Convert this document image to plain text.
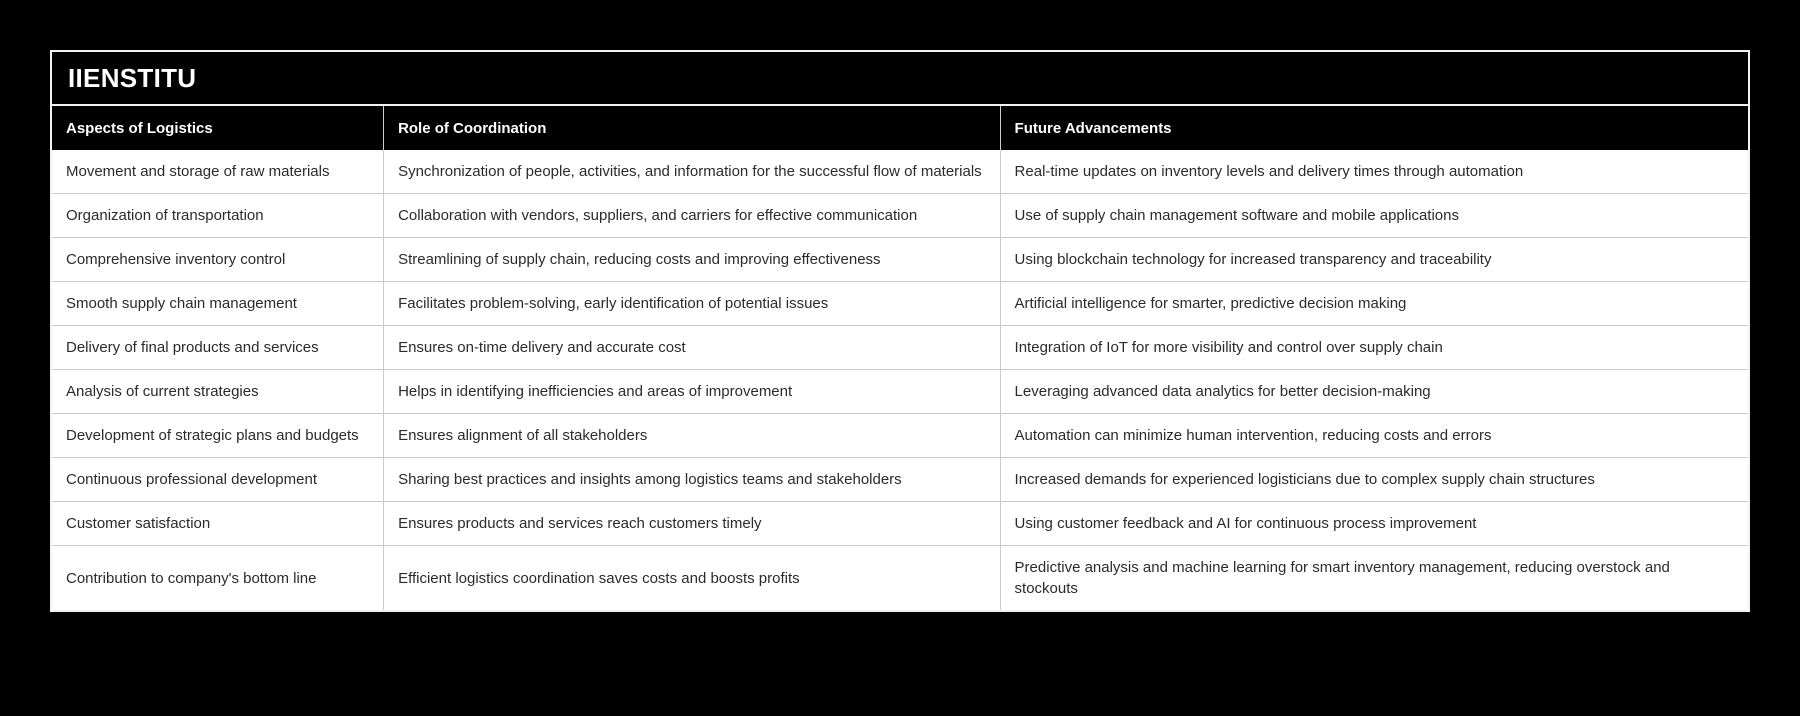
IIENSTITU
Aspects of Logistics	Role of Coordination	Future Advancements
Movement and storage of raw materials	Synchronization of people, activities, and information for the successful flow of materials	Real-time updates on inventory levels and delivery times through automation
Organization of transportation	Collaboration with vendors, suppliers, and carriers for effective communication	Use of supply chain management software and mobile applications
Comprehensive inventory control	Streamlining of supply chain, reducing costs and improving effectiveness	Using blockchain technology for increased transparency and traceability
Smooth supply chain management	Facilitates problem-solving, early identification of potential issues	Artificial intelligence for smarter, predictive decision making
Delivery of final products and services	Ensures on-time delivery and accurate cost	Integration of IoT for more visibility and control over supply chain
Analysis of current strategies	Helps in identifying inefficiencies and areas of improvement	Leveraging advanced data analytics for better decision-making
Development of strategic plans and budgets	Ensures alignment of all stakeholders	Automation can minimize human intervention, reducing costs and errors
Continuous professional development	Sharing best practices and insights among logistics teams and stakeholders	Increased demands for experienced logisticians due to complex supply chain structures
Customer satisfaction	Ensures products and services reach customers timely	Using customer feedback and AI for continuous process improvement
Contribution to company's bottom line	Efficient logistics coordination saves costs and boosts profits	Predictive analysis and machine learning for smart inventory management, reducing overstock and stockouts
